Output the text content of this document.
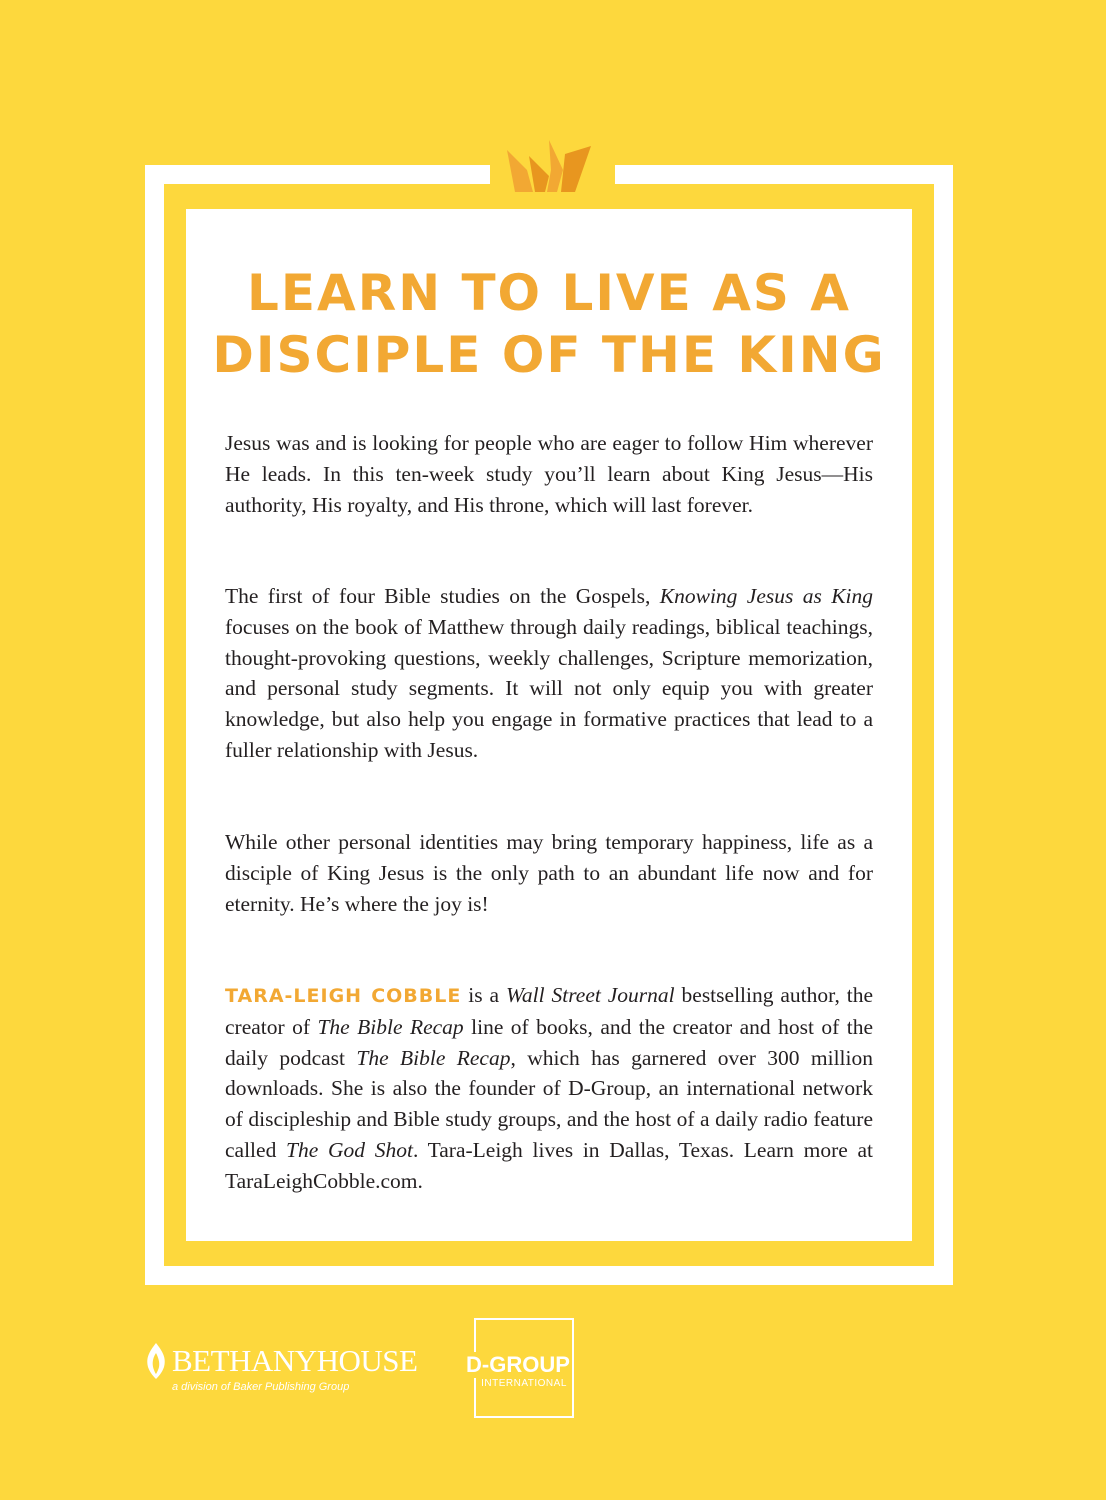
LEARN TO LIVE AS A
DISCIPLE OF THE KING

Jesus was and is looking for people who are eager to follow Him wherever He leads. In this ten-week study you’ll learn about King Jesus—His authority, His royalty, and His throne, which will last forever.

The first of four Bible studies on the Gospels, Knowing Jesus as King focuses on the book of Matthew through daily readings, biblical teachings, thought-provoking questions, weekly challenges, Scripture memorization, and personal study segments. It will not only equip you with greater knowledge, but also help you engage in formative practices that lead to a fuller relationship with Jesus.

While other personal identities may bring temporary happiness, life as a disciple of King Jesus is the only path to an abundant life now and for eternity. He’s where the joy is!

TARA-LEIGH COBBLE is a Wall Street Journal bestselling author, the creator of The Bible Recap line of books, and the creator and host of the daily podcast The Bible Recap, which has garnered over 300 million downloads. She is also the founder of D-Group, an international network of discipleship and Bible study groups, and the host of a daily radio feature called The God Shot. Tara-Leigh lives in Dallas, Texas. Learn more at TaraLeighCobble.com.

BETHANYHOUSE
a division of Baker Publishing Group
D-GROUP
INTERNATIONAL
